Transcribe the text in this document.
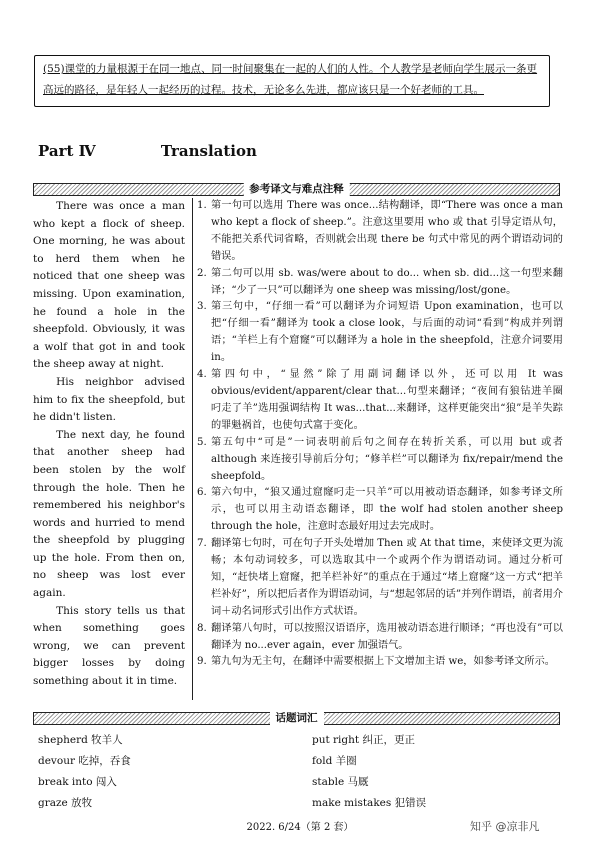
(55)课堂的力量根源于在同一地点、同一时间聚集在一起的人们的人性。个人教学是老师向学生展示一条更高远的路径，是年轻人一起经历的过程。技术，无论多么先进，都应该只是一个好老师的工具。
Part Ⅳ	Translation
参考译文与难点注释

There was once a man who kept a flock of sheep. One morning, he was about to herd them when he noticed that one sheep was missing. Upon examination, he found a hole in the sheepfold. Obviously, it was a wolf that got in and took the sheep away at night.

His neighbor advised him to fix the sheepfold, but he didn't listen.

The next day, he found that another sheep had been stolen by the wolf through the hole. Then he remembered his neighbor's words and hurried to mend the sheepfold by plugging up the hole. From then on, no sheep was lost ever again.

This story tells us that when something goes wrong, we can prevent bigger losses by doing something about it in time.

1. 第一句可以选用 There was once...结构翻译，即“There was once a man who kept a flock of sheep.”。注意这里要用 who 或 that 引导定语从句，不能把关系代词省略，否则就会出现 there be 句式中常见的两个谓语动词的错误。
2. 第二句可以用 sb. was/were about to do... when sb. did...这一句型来翻译；“少了一只”可以翻译为 one sheep was missing/lost/gone。
3. 第三句中，“仔细一看”可以翻译为介词短语 Upon examination，也可以把“仔细一看”翻译为 took a close look，与后面的动词“看到”构成并列谓语；“羊栏上有个窟窿”可以翻译为 a hole in the sheepfold，注意介词要用 in。
4. 第四句中，“显然”除了用副词翻译以外，还可以用 It was obvious/evident/apparent/clear that...句型来翻译；“夜间有狼钻进羊圈叼走了羊”选用强调结构 It was...that...来翻译，这样更能突出“狼”是羊失踪的罪魁祸首，也使句式富于变化。
5. 第五句中“可是”一词表明前后句之间存在转折关系，可以用 but 或者 although 来连接引导前后分句；“修羊栏”可以翻译为 fix/repair/mend the sheepfold。
6. 第六句中，“狼又通过窟窿叼走一只羊”可以用被动语态翻译，如参考译文所示，也可以用主动语态翻译，即 the wolf had stolen another sheep through the hole，注意时态最好用过去完成时。
7. 翻译第七句时，可在句子开头处增加 Then 或 At that time，来使译文更为流畅；本句动词较多，可以选取其中一个或两个作为谓语动词。通过分析可知，“赶快堵上窟窿，把羊栏补好”的重点在于通过“堵上窟窿”这一方式“把羊栏补好”，所以把后者作为谓语动词，与“想起邻居的话”并列作谓语，前者用介词＋动名词形式引出作方式状语。
8. 翻译第八句时，可以按照汉语语序，选用被动语态进行顺译；“再也没有”可以翻译为 no...ever again，ever 加强语气。
9. 第九句为无主句，在翻译中需要根据上下文增加主语 we，如参考译文所示。
话题词汇
shepherd 牧羊人
devour 吃掉，吞食
break into 闯入
graze 放牧
put right 纠正，更正
fold 羊圈
stable 马厩
make mistakes 犯错误
2022. 6/24（第 2 套）	知乎 @凉非凡
